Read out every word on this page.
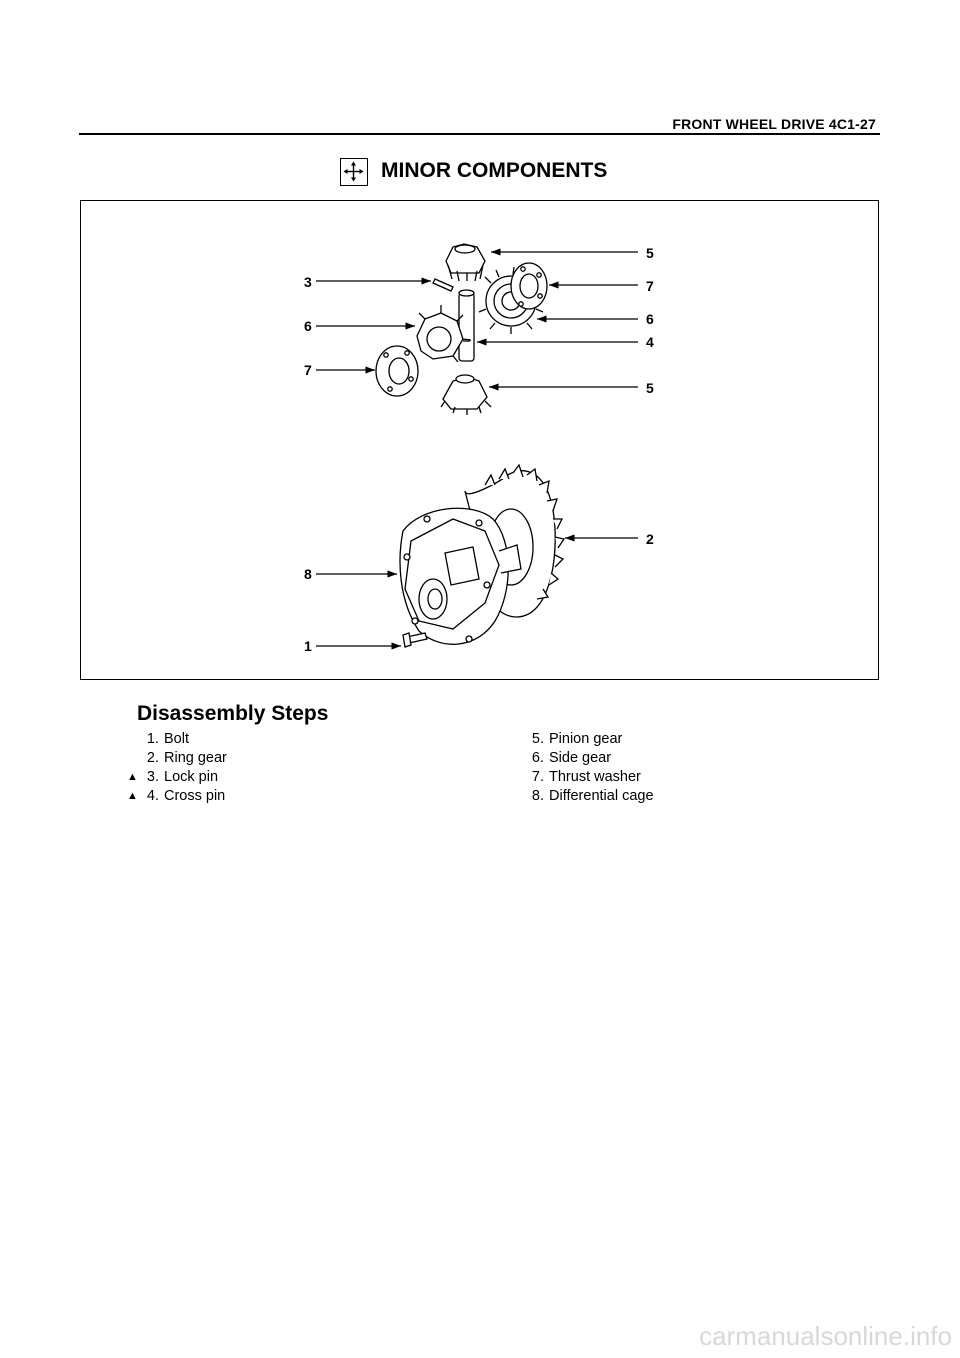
FRONT WHEEL DRIVE 4C1-27
MINOR COMPONENTS
5
3	7
6	6
4
7
5
2
8
1
Disassembly Steps
1. Bolt
2. Ring gear
▲ 3. Lock pin
▲ 4. Cross pin
5. Pinion gear
6. Side gear
7. Thrust washer
8. Differential cage
carmanualsonline.info
